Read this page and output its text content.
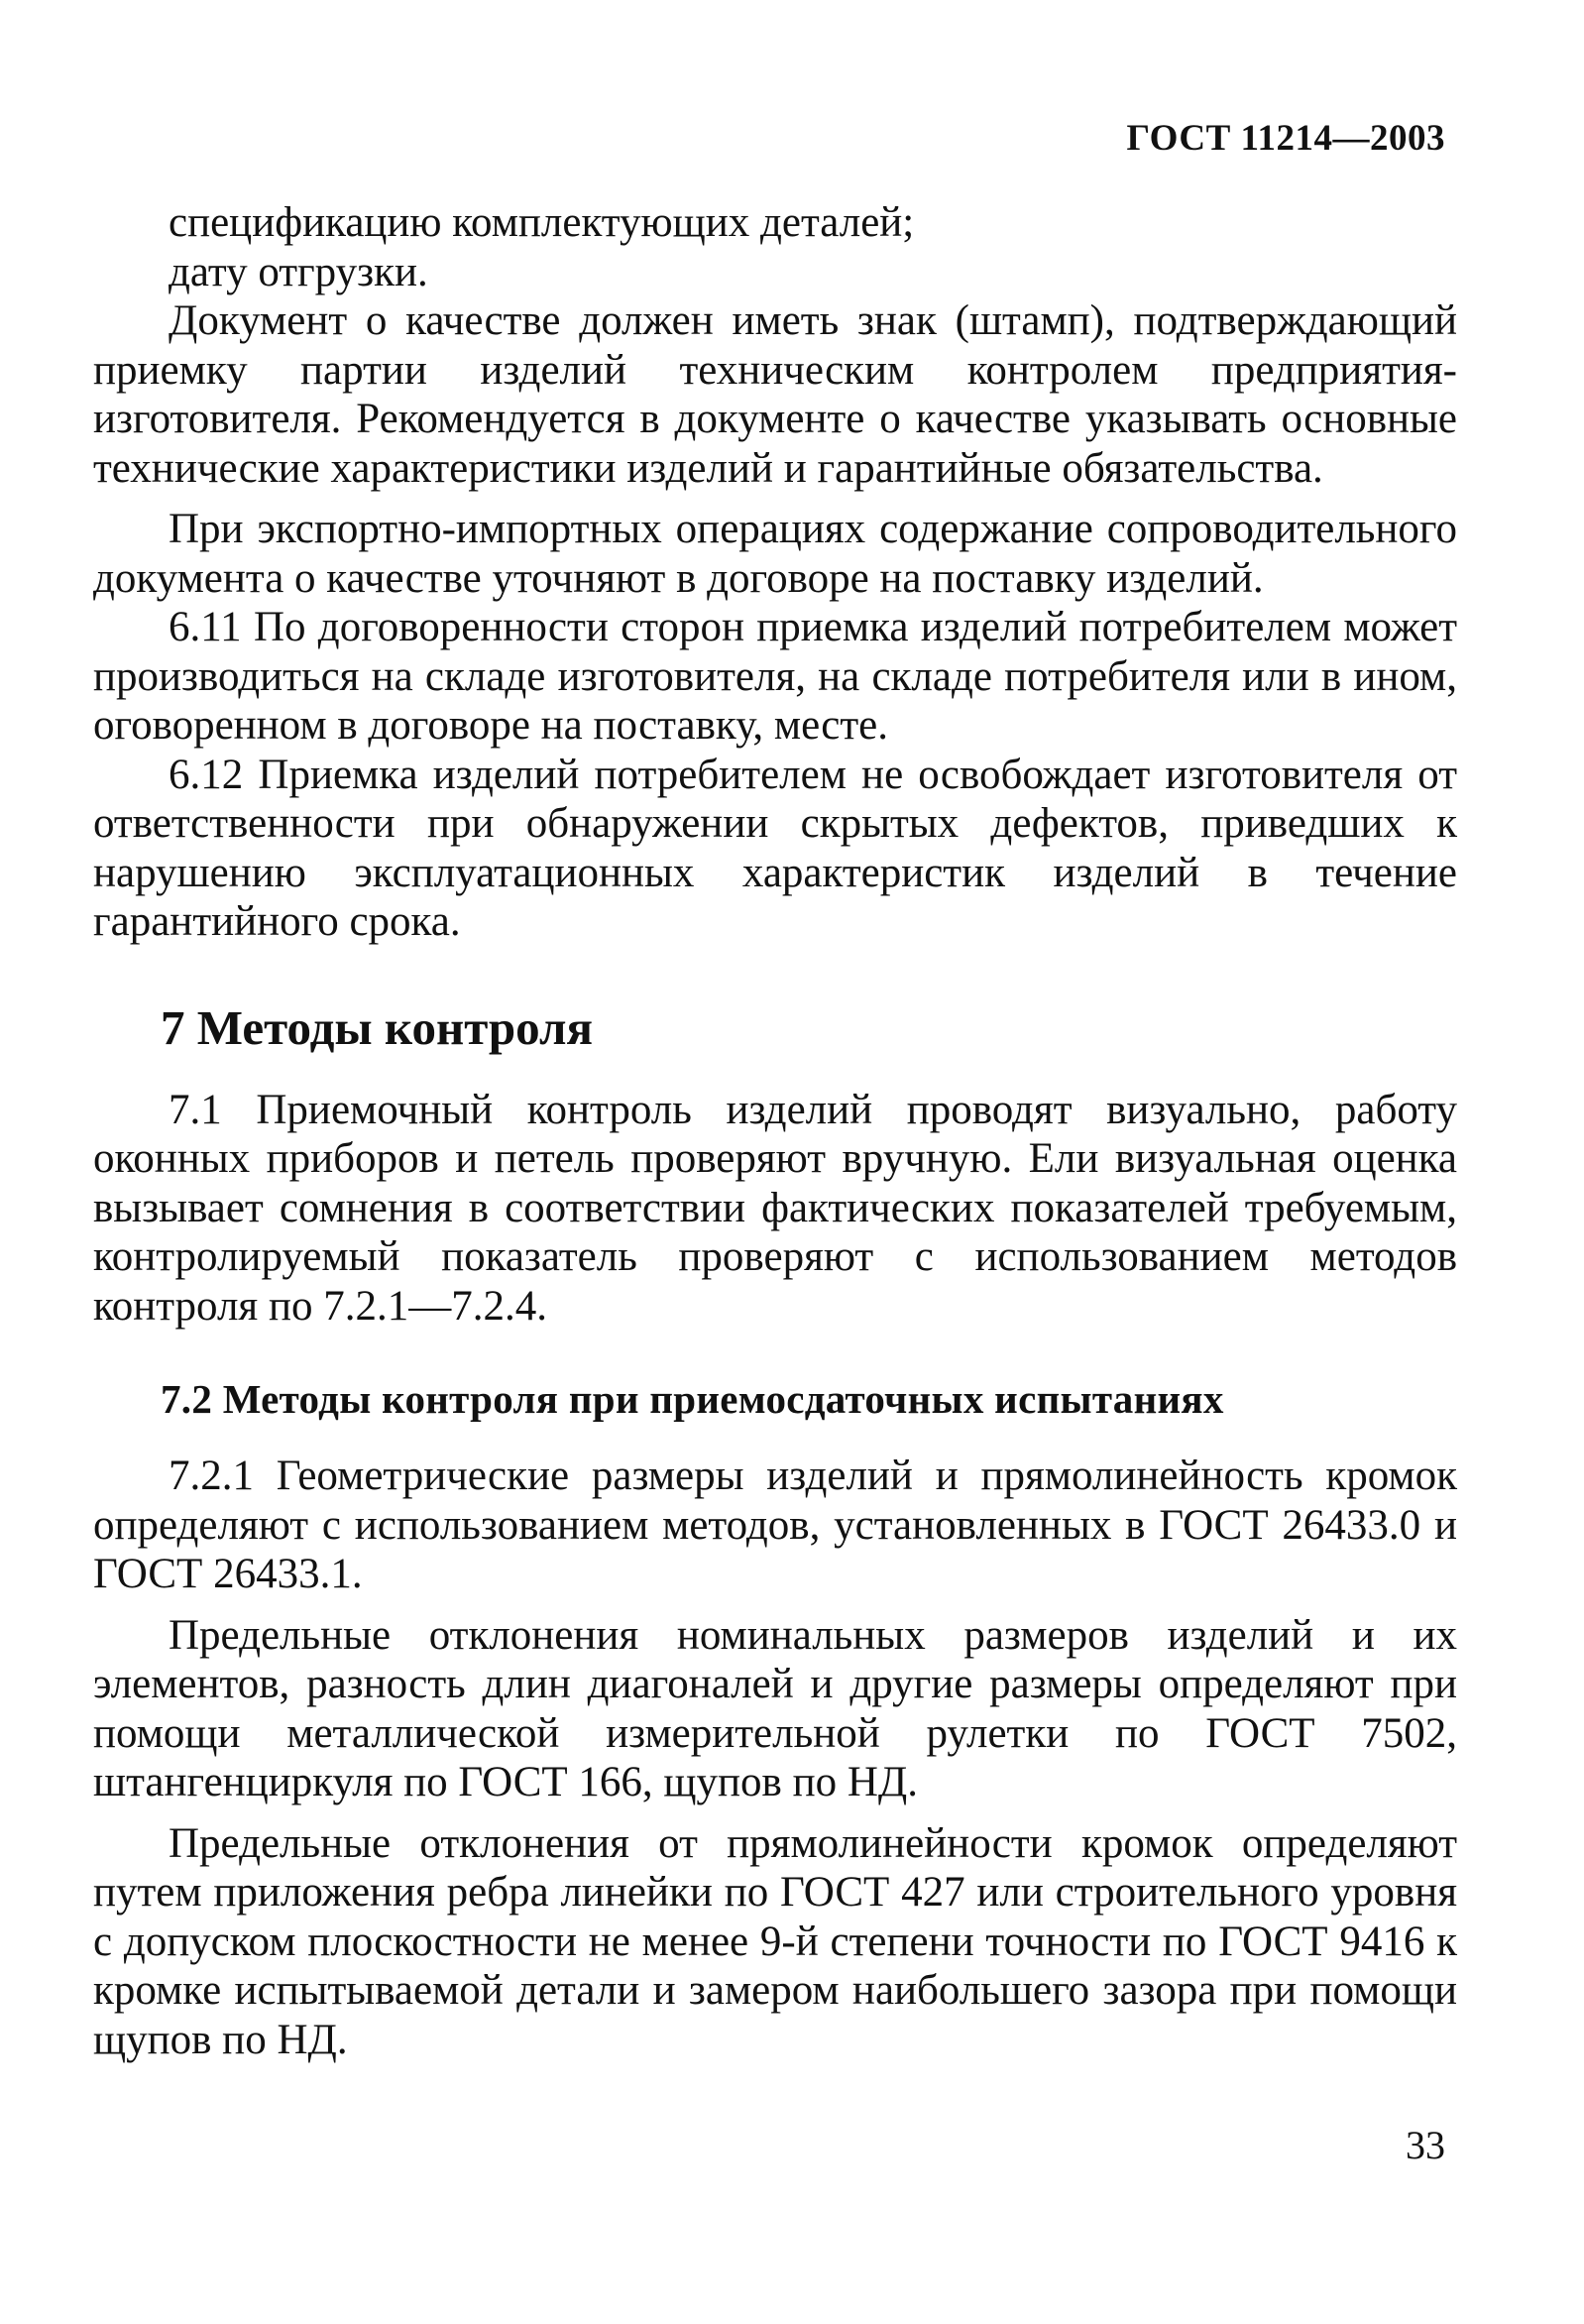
ГОСТ 11214—2003

спецификацию комплектующих деталей;

дату отгрузки.

Документ о качестве должен иметь знак (штамп), подтверждающий приемку партии изделий техническим контролем предприятия-изготовителя. Рекомендуется в документе о качестве указывать основные технические характеристики изделий и гарантийные обязательства.

При экспортно-импортных операциях содержание сопроводительного документа о качестве уточняют в договоре на поставку изделий.

6.11 По договоренности сторон приемка изделий потребителем может производиться на складе изготовителя, на складе потребителя или в ином, оговоренном в договоре на поставку, месте.

6.12 Приемка изделий потребителем не освобождает изготовителя от ответственности при обнаружении скрытых дефектов, приведших к нарушению эксплуатационных характеристик изделий в течение гарантийного срока.

7 Методы контроля

7.1 Приемочный контроль изделий проводят визуально, работу оконных приборов и петель проверяют вручную. Ели визуальная оценка вызывает сомнения в соответствии фактических показателей требуемым, контролируемый показатель проверяют с использованием методов контроля по 7.2.1—7.2.4.

7.2 Методы контроля при приемосдаточных испытаниях

7.2.1 Геометрические размеры изделий и прямолинейность кромок определяют с использованием методов, установленных в ГОСТ 26433.0 и ГОСТ 26433.1.

Предельные отклонения номинальных размеров изделий и их элементов, разность длин диагоналей и другие размеры определяют при помощи металлической измерительной рулетки по ГОСТ 7502, штангенциркуля по ГОСТ 166, щупов по НД.

Предельные отклонения от прямолинейности кромок определяют путем приложения ребра линейки по ГОСТ 427 или строительного уровня с допуском плоскостности не менее 9-й степени точности по ГОСТ 9416 к кромке испытываемой детали и замером наибольшего зазора при помощи щупов по НД.

33
